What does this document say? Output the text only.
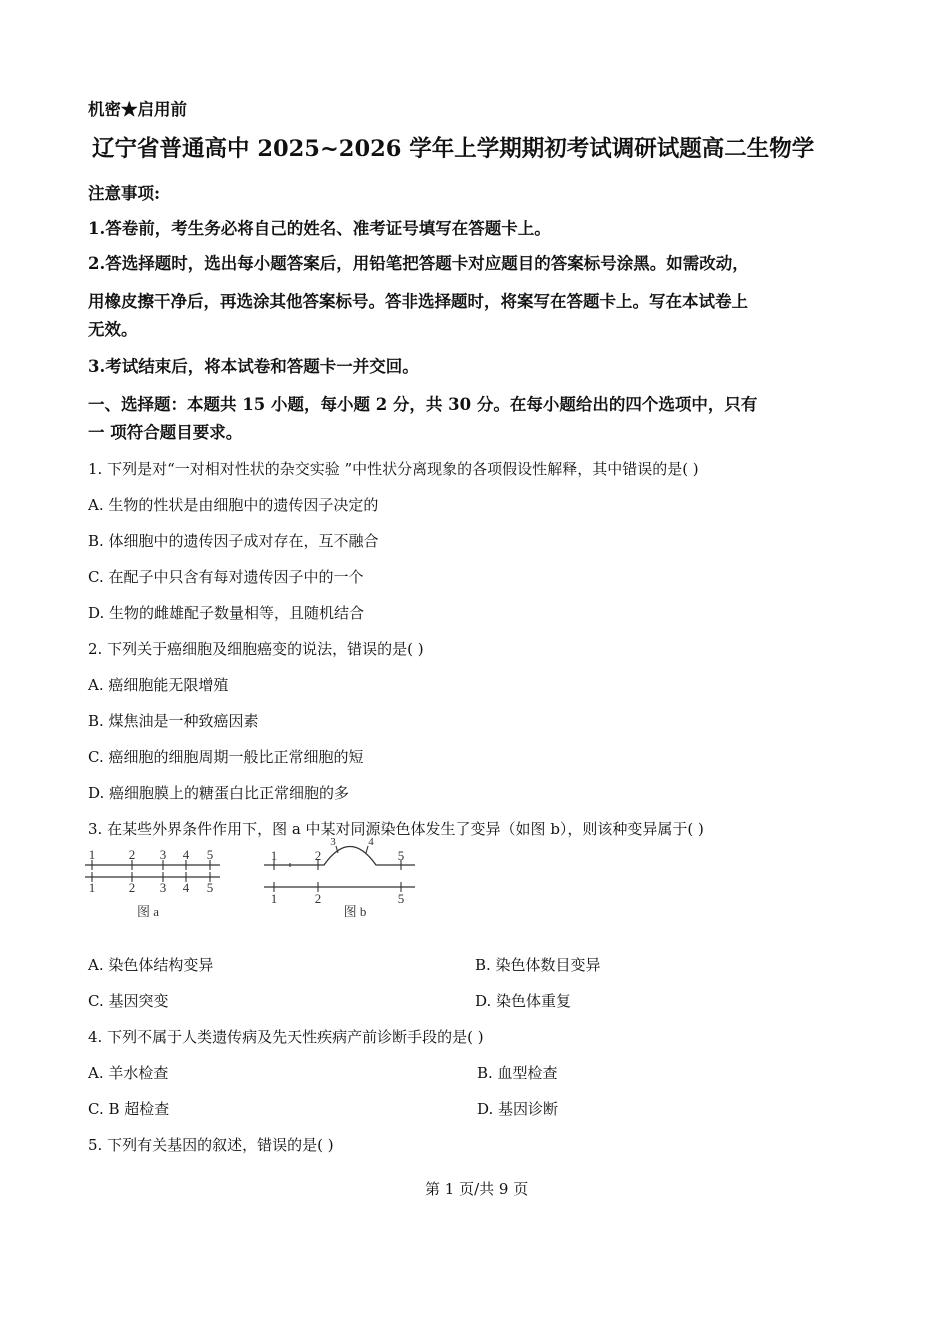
机密★启用前
辽宁省普通高中 2025~2026 学年上学期期初考试调研试题高二生物学
注意事项:
1.答卷前，考生务必将自己的姓名、准考证号填写在答题卡上。
2.答选择题时，选出每小题答案后，用铅笔把答题卡对应题目的答案标号涂黑。如需改动，
用橡皮擦干净后，再选涂其他答案标号。答非选择题时，将案写在答题卡上。写在本试卷上
无效。
3.考试结束后，将本试卷和答题卡一并交回。
一、选择题：本题共 15 小题，每小题 2 分，共 30 分。在每小题给出的四个选项中，只有
一 项符合题目要求。
1. 下列是对“一对相对性状的杂交实验 ”中性状分离现象的各项假设性解释，其中错误的是( )
A. 生物的性状是由细胞中的遗传因子决定的
B. 体细胞中的遗传因子成对存在，互不融合
C. 在配子中只含有每对遗传因子中的一个
D. 生物的雌雄配子数量相等，且随机结合
2. 下列关于癌细胞及细胞癌变的说法，错误的是( )
A. 癌细胞能无限增殖
B. 煤焦油是一种致癌因素
C. 癌细胞的细胞周期一般比正常细胞的短
D. 癌细胞膜上的糖蛋白比正常细胞的多
3. 在某些外界条件作用下，图 a 中某对同源染色体发生了变异（如图 b），则该种变异属于( )
1	2 3 4 5
1	2 3 4 5
图 a
1	2
3	4
5
1	2	5
图 b
A. 染色体结构变异	B. 染色体数目变异
C. 基因突变	D. 染色体重复
4. 下列不属于人类遗传病及先天性疾病产前诊断手段的是( )
A. 羊水检查	B. 血型检查
C. B 超检查	D. 基因诊断
5. 下列有关基因的叙述，错误的是( )
第 1 页/共 9 页
